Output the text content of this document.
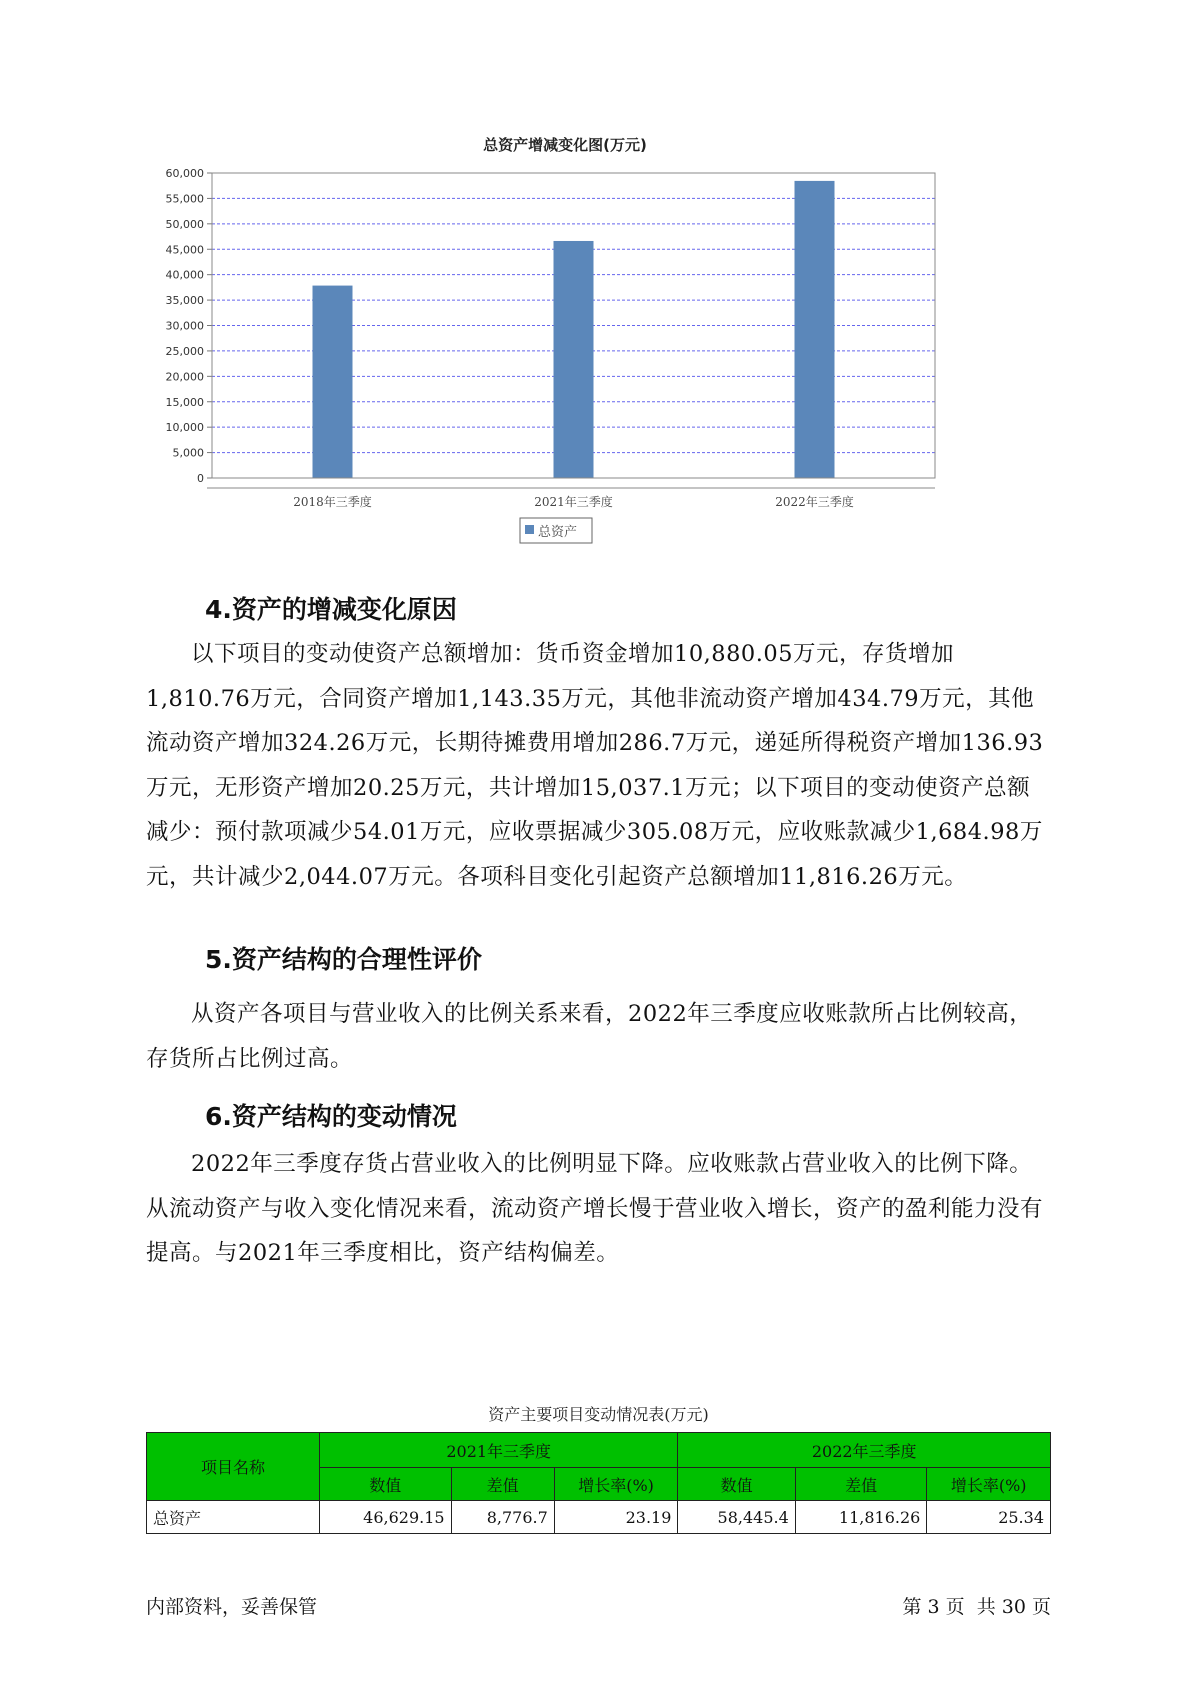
总资产增减变化图(万元)
0
5,000
10,000
15,000
20,000
25,000
30,000
35,000
40,000
45,000
50,000
55,000
60,000
2018年三季度	2021年三季度	2022年三季度
总资产
4.资产的增减变化原因

以下项目的变动使资产总额增加：货币资金增加10,880.05万元，存货增加1,810.76万元，合同资产增加1,143.35万元，其他非流动资产增加434.79万元，其他流动资产增加324.26万元，长期待摊费用增加286.7万元，递延所得税资产增加136.93万元，无形资产增加20.25万元，共计增加15,037.1万元；以下项目的变动使资产总额减少：预付款项减少54.01万元，应收票据减少305.08万元，应收账款减少1,684.98万元，共计减少2,044.07万元。各项科目变化引起资产总额增加11,816.26万元。

5.资产结构的合理性评价

从资产各项目与营业收入的比例关系来看，2022年三季度应收账款所占比例较高，存货所占比例过高。

6.资产结构的变动情况

2022年三季度存货占营业收入的比例明显下降。应收账款占营业收入的比例下降。从流动资产与收入变化情况来看，流动资产增长慢于营业收入增长，资产的盈利能力没有提高。与2021年三季度相比，资产结构偏差。

资产主要项目变动情况表(万元)
项目名称	2021年三季度			2022年三季度		
	数值	差值	增长率(%)	数值	差值	增长率(%)
总资产	46,629.15	8,776.7	23.19	58,445.4	11,816.26	25.34
内部资料，妥善保管	第 3 页  共 30 页
